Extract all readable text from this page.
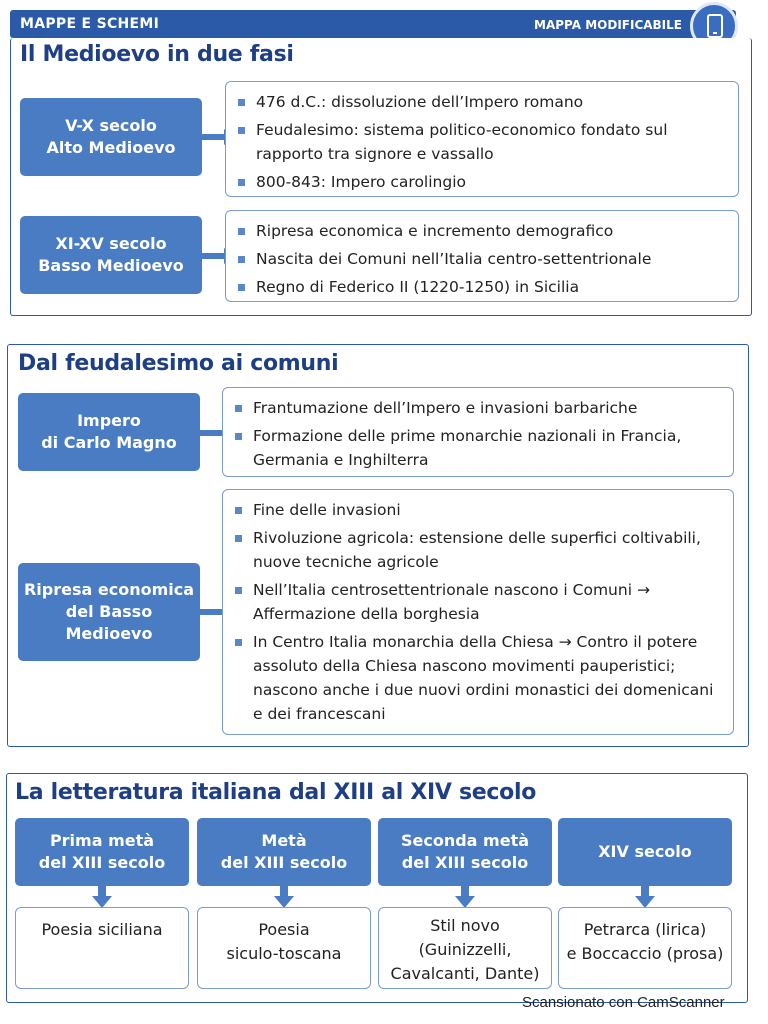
MAPPE E SCHEMI	MAPPA MODIFICABILE
Il Medioevo in due fasi
V-X secolo
Alto Medioevo
476 d.C.: dissoluzione dell’Impero romano
Feudalesimo: sistema politico-economico fondato sul rapporto tra signore e vassallo
800-843: Impero carolingio
XI-XV secolo
Basso Medioevo
Ripresa economica e incremento demografico
Nascita dei Comuni nell’Italia centro-settentrionale
Regno di Federico II (1220-1250) in Sicilia
Dal feudalesimo ai comuni
Impero
di Carlo Magno
Frantumazione dell’Impero e invasioni barbariche
Formazione delle prime monarchie nazionali in Francia, Germania e Inghilterra
Ripresa economica
del Basso
Medioevo
Fine delle invasioni
Rivoluzione agricola: estensione delle superfici coltivabili, nuove tecniche agricole
Nell’Italia centrosettentrionale nascono i Comuni → Affermazione della borghesia
In Centro Italia monarchia della Chiesa → Contro il potere assoluto della Chiesa nascono movimenti pauperistici; nascono anche i due nuovi ordini monastici dei domenicani e dei francescani
La letteratura italiana dal XIII al XIV secolo
Prima metà
del XIII secolo
Poesia siciliana
Metà
del XIII secolo
Poesia
siculo-toscana
Seconda metà
del XIII secolo
Stil novo
(Guinizzelli,
Cavalcanti, Dante)
XIV secolo
Petrarca (lirica)
e Boccaccio (prosa)
Scansionato con CamScanner
